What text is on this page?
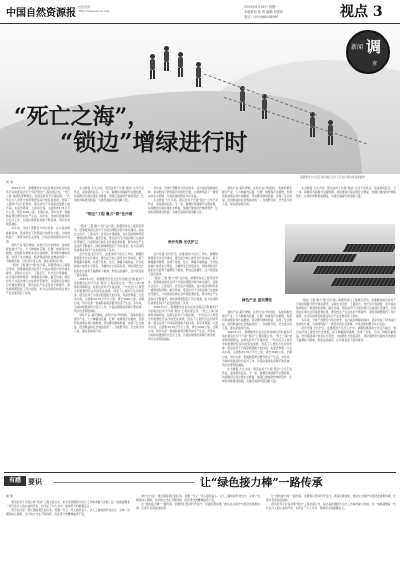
中国自然资源报
自然资源
http://www.iziran.net
2025年6月16日 星期一
本版策划 张 玥 编辑 刘建伟
电话：(010)68048580	视点 3
“死亡之海”，
“锁边”增绿进行时
新闻 调
查
新疆维吾尔自治区和田地区治沙人员在沙漠边缘栽种植物
何 伟

2025年2月，新疆维吾尔自治区和田地区历时数年打造的塔克拉玛干沙漠“锁边”工程实现合龙，“死亡之海”被绿色屏障锁住。在塔克拉玛干沙漠边缘，一代代治沙人用坚守和智慧把荒凉沙地变成绿洲，创造了人类防沙治沙的奇迹。塔克拉玛干沙漠是我国最大的沙漠，也是世界第二大流动沙漠，总面积33.76万平方公里，周长3046公里。长期以来，风沙灾害一直威胁着周边群众的生产生活。多年来，当地持续推进防沙治沙工作，沙漠边缘绿色屏障不断延伸，风沙危害明显减轻。

多年来，当地干部群众与风沙抗争，在沙漠边缘植树造林，逐步形成了防风固沙的绿色长廊，为绿洲筑起了一道坚实的生态屏障，沙漠边缘的群众从中受益。

绿色产业 富民增收。在防沙治沙的同时，各地积极发展沙产业，大力种植肉苁蓉、红柳、梭梭等沙生植物，发展特色林果业和沙漠旅游，带动群众增收致富，实现了生态效益、经济效益和社会效益的统一。当地群众说，过去是沙进人退，现在是绿进沙退。

“锁边”工程 聚力“锁”住沙漠。新疆坚持以工程项目带动，统筹推进塔克拉玛干沙漠边缘阻沙防沙体系建设，采取生态治沙、工程治沙、光伏治沙等措施，在沙漠边缘构筑起一道道绿色屏障。截至目前，塔克拉玛干沙漠边缘已完成绿化带建设，沙漠周边区域生态环境显著改善，群众的生产生活条件不断提升。绿色屏障既阻挡了风沙侵袭，也为沿线特色林果业和沙产业发展创造了条件。

“锁边”工程 聚力“锁”住沙漠

生态修复 久久为功。塔克拉玛干沙漠“锁边”合龙不是终点，而是新的起点。下一步，新疆将巩固提升治理成果，持续推进沙漠边缘生态修复，加强已建成防护林的管护，让绿色屏障更加稳固，为建设美丽中国贡献力量。

“锁边”工程 聚力“锁”住沙漠。新疆坚持以工程项目带动，统筹推进塔克拉玛干沙漠边缘阻沙防沙体系建设，采取生态治沙、工程治沙、光伏治沙等措施，在沙漠边缘构筑起一道道绿色屏障。截至目前，塔克拉玛干沙漠边缘已完成绿化带建设，沙漠周边区域生态环境显著改善，群众的生产生活条件不断提升。绿色屏障既阻挡了风沙侵袭，也为沿线特色林果业和沙产业发展创造了条件。

治沙先锋 光伏护卫。在推进防沙治沙工作中，新疆积极探索光伏治沙模式，通过在沙地上建设光伏发电板，板下种植耐旱植物，实现了发电、治沙、种植多重效益。光伏板能减少地表水分蒸发，为植物生长创造条件，同时清洗光伏板的水还能用于灌溉板下植被，形成良性循环，让沙漠变成了蓝色海洋。

2025年2月，新疆维吾尔自治区和田地区历时数年打造的塔克拉玛干沙漠“锁边”工程实现合龙，“死亡之海”被绿色屏障锁住。在塔克拉玛干沙漠边缘，一代代治沙人用坚守和智慧把荒凉沙地变成绿洲，创造了人类防沙治沙的奇迹。塔克拉玛干沙漠是我国最大的沙漠，也是世界第二大流动沙漠，总面积33.76万平方公里，周长3046公里。长期以来，风沙灾害一直威胁着周边群众的生产生活。多年来，当地持续推进防沙治沙工作，沙漠边缘绿色屏障不断延伸，风沙危害明显减轻。

绿色产业 富民增收。在防沙治沙的同时，各地积极发展沙产业，大力种植肉苁蓉、红柳、梭梭等沙生植物，发展特色林果业和沙漠旅游，带动群众增收致富，实现了生态效益、经济效益和社会效益的统一。当地群众说，过去是沙进人退，现在是绿进沙退。

多年来，当地干部群众与风沙抗争，在沙漠边缘植树造林，逐步形成了防风固沙的绿色长廊，为绿洲筑起了一道坚实的生态屏障，沙漠边缘的群众从中受益。

生态修复 久久为功。塔克拉玛干沙漠“锁边”合龙不是终点，而是新的起点。下一步，新疆将巩固提升治理成果，持续推进沙漠边缘生态修复，加强已建成防护林的管护，让绿色屏障更加稳固，为建设美丽中国贡献力量。

治沙先锋 光伏护卫

治沙先锋 光伏护卫。在推进防沙治沙工作中，新疆积极探索光伏治沙模式，通过在沙地上建设光伏发电板，板下种植耐旱植物，实现了发电、治沙、种植多重效益。光伏板能减少地表水分蒸发，为植物生长创造条件，同时清洗光伏板的水还能用于灌溉板下植被，形成良性循环，让沙漠变成了蓝色海洋。

“锁边”工程 聚力“锁”住沙漠。新疆坚持以工程项目带动，统筹推进塔克拉玛干沙漠边缘阻沙防沙体系建设，采取生态治沙、工程治沙、光伏治沙等措施，在沙漠边缘构筑起一道道绿色屏障。截至目前，塔克拉玛干沙漠边缘已完成绿化带建设，沙漠周边区域生态环境显著改善，群众的生产生活条件不断提升。绿色屏障既阻挡了风沙侵袭，也为沿线特色林果业和沙产业发展创造了条件。

2025年2月，新疆维吾尔自治区和田地区历时数年打造的塔克拉玛干沙漠“锁边”工程实现合龙，“死亡之海”被绿色屏障锁住。在塔克拉玛干沙漠边缘，一代代治沙人用坚守和智慧把荒凉沙地变成绿洲，创造了人类防沙治沙的奇迹。塔克拉玛干沙漠是我国最大的沙漠，也是世界第二大流动沙漠，总面积33.76万平方公里，周长3046公里。长期以来，风沙灾害一直威胁着周边群众的生产生活。多年来，当地持续推进防沙治沙工作，沙漠边缘绿色屏障不断延伸，风沙危害明显减轻。

绿色产业 富民增收。在防沙治沙的同时，各地积极发展沙产业，大力种植肉苁蓉、红柳、梭梭等沙生植物，发展特色林果业和沙漠旅游，带动群众增收致富，实现了生态效益、经济效益和社会效益的统一。当地群众说，过去是沙进人退，现在是绿进沙退。

生态修复 久久为功。塔克拉玛干沙漠“锁边”合龙不是终点，而是新的起点。下一步，新疆将巩固提升治理成果，持续推进沙漠边缘生态修复，加强已建成防护林的管护，让绿色屏障更加稳固，为建设美丽中国贡献力量。

绿色产业 富民增收

绿色产业 富民增收。在防沙治沙的同时，各地积极发展沙产业，大力种植肉苁蓉、红柳、梭梭等沙生植物，发展特色林果业和沙漠旅游，带动群众增收致富，实现了生态效益、经济效益和社会效益的统一。当地群众说，过去是沙进人退，现在是绿进沙退。

2025年2月，新疆维吾尔自治区和田地区历时数年打造的塔克拉玛干沙漠“锁边”工程实现合龙，“死亡之海”被绿色屏障锁住。在塔克拉玛干沙漠边缘，一代代治沙人用坚守和智慧把荒凉沙地变成绿洲，创造了人类防沙治沙的奇迹。塔克拉玛干沙漠是我国最大的沙漠，也是世界第二大流动沙漠，总面积33.76万平方公里，周长3046公里。长期以来，风沙灾害一直威胁着周边群众的生产生活。多年来，当地持续推进防沙治沙工作，沙漠边缘绿色屏障不断延伸，风沙危害明显减轻。

生态修复 久久为功。塔克拉玛干沙漠“锁边”合龙不是终点，而是新的起点。下一步，新疆将巩固提升治理成果，持续推进沙漠边缘生态修复，加强已建成防护林的管护，让绿色屏障更加稳固，为建设美丽中国贡献力量。

“锁边”工程 聚力“锁”住沙漠。新疆坚持以工程项目带动，统筹推进塔克拉玛干沙漠边缘阻沙防沙体系建设，采取生态治沙、工程治沙、光伏治沙等措施，在沙漠边缘构筑起一道道绿色屏障。截至目前，塔克拉玛干沙漠边缘已完成绿化带建设，沙漠周边区域生态环境显著改善，群众的生产生活条件不断提升。绿色屏障既阻挡了风沙侵袭，也为沿线特色林果业和沙产业发展创造了条件。

多年来，当地干部群众与风沙抗争，在沙漠边缘植树造林，逐步形成了防风固沙的绿色长廊，为绿洲筑起了一道坚实的生态屏障，沙漠边缘的群众从中受益。

治沙先锋 光伏护卫。在推进防沙治沙工作中，新疆积极探索光伏治沙模式，通过在沙地上建设光伏发电板，板下种植耐旱植物，实现了发电、治沙、种植多重效益。光伏板能减少地表水分蒸发，为植物生长创造条件，同时清洗光伏板的水还能用于灌溉板下植被，形成良性循环，让沙漠变成了蓝色海洋。

有感	要识	让“绿色接力棒”一路传承
何 伟

塔克拉玛干沙漠边缘“锁边”工程全面合龙，标志着我国防沙治沙工作取得重大进展。这一成就凝聚着一代代治沙人的心血和汗水，也印证了久久为功、绵绵用力的重要意义。

防沙治沙是一项长期而艰巨的任务，需要一代又一代人接续奋斗。从人工植树到科技治沙，从单一治理到综合施策，治沙的方式在不断创新，但是坚守的精神始终不变。

防沙治沙是一项长期而艰巨的任务，需要一代又一代人接续奋斗。从人工植树到科技治沙，从单一治理到综合施策，治沙的方式在不断创新，但是坚守的精神始终不变。

让“绿色接力棒”一路传承，需要我们坚持科学治沙，巩固治理成果，推动生态保护与经济发展相协调，让更多荒漠变成绿洲。

让“绿色接力棒”一路传承，需要我们坚持科学治沙，巩固治理成果，推动生态保护与经济发展相协调，让更多荒漠变成绿洲。

塔克拉玛干沙漠边缘“锁边”工程全面合龙，标志着我国防沙治沙工作取得重大进展。这一成就凝聚着一代代治沙人的心血和汗水，也印证了久久为功、绵绵用力的重要意义。
